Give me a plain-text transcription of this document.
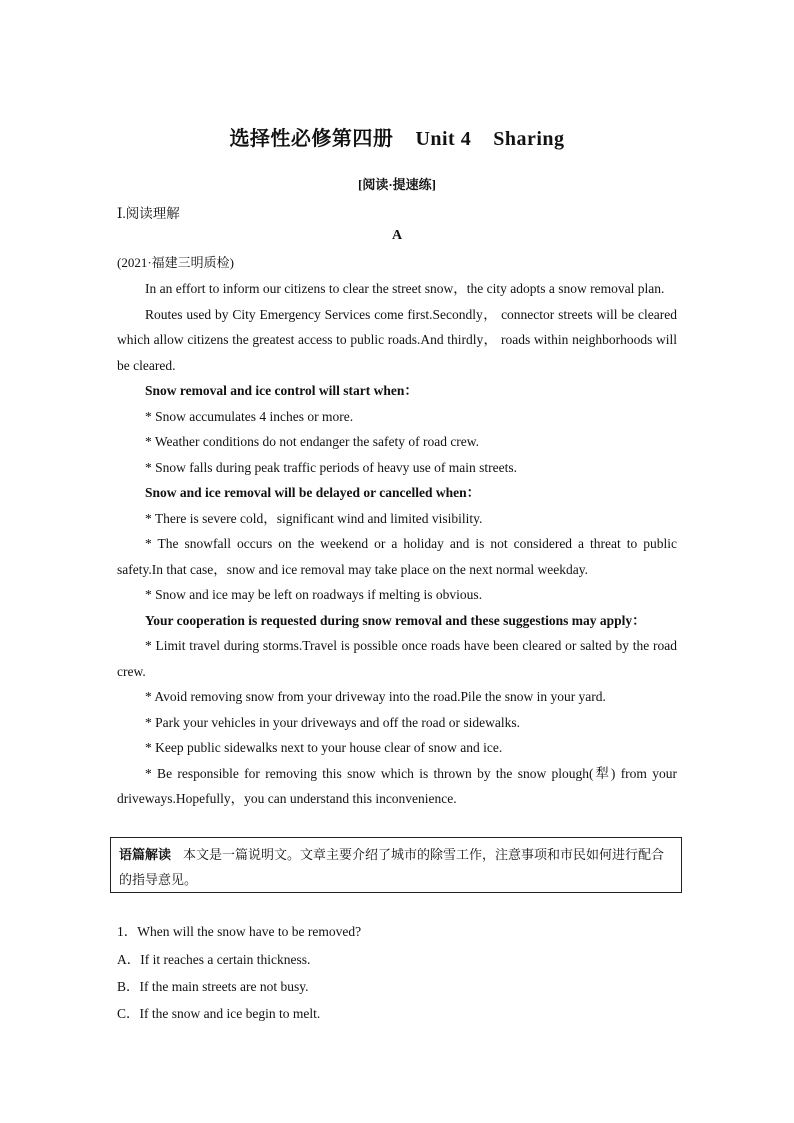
选择性必修第四册 Unit 4 Sharing
[阅读·提速练]
Ⅰ.阅读理解
A
(2021·福建三明质检)

In an effort to inform our citizens to clear the street snow，the city adopts a snow removal plan.

Routes used by City Emergency Services come first.Secondly， connector streets will be cleared which allow citizens the greatest access to public roads.And thirdly， roads within neighborhoods will be cleared.

Snow removal and ice control will start when：

* Snow accumulates 4 inches or more.

* Weather conditions do not endanger the safety of road crew.

* Snow falls during peak traffic periods of heavy use of main streets.

Snow and ice removal will be delayed or cancelled when：

* There is severe cold，significant wind and limited visibility.

* The snowfall occurs on the weekend or a holiday and is not considered a threat to public safety.In that case，snow and ice removal may take place on the next normal weekday.

* Snow and ice may be left on roadways if melting is obvious.

Your cooperation is requested during snow removal and these suggestions may apply：

* Limit travel during storms.Travel is possible once roads have been cleared or salted by the road crew.

* Avoid removing snow from your driveway into the road.Pile the snow in your yard.

* Park your vehicles in your driveways and off the road or sidewalks.

* Keep public sidewalks next to your house clear of snow and ice.

* Be responsible for removing this snow which is thrown by the snow plough(犁) from your driveways.Hopefully，you can understand this inconvenience.

语篇解读 本文是一篇说明文。文章主要介绍了城市的除雪工作，注意事项和市民如何进行配合的指导意见。
1．When will the snow have to be removed?
A．If it reaches a certain thickness.
B．If the main streets are not busy.
C．If the snow and ice begin to melt.
